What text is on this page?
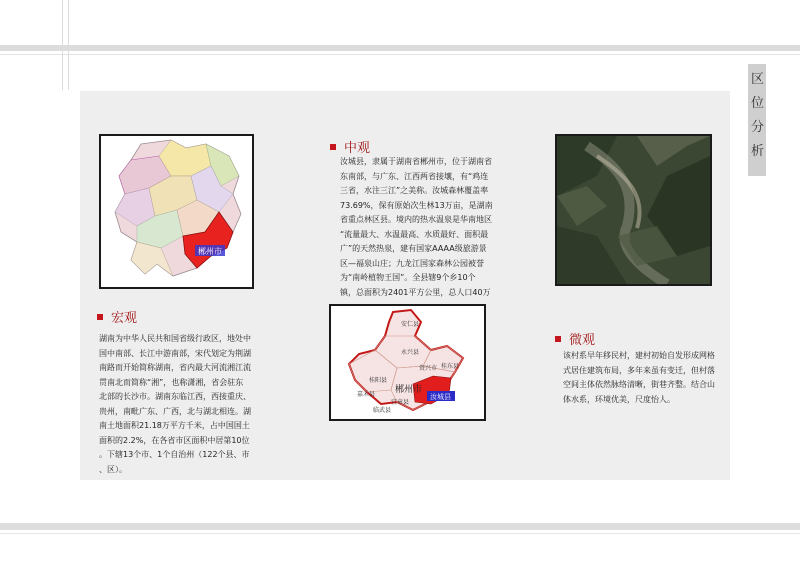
区位分析
郴州市
宏观

湖南为中华人民共和国省级行政区，地处中
国中南部、长江中游南部，宋代划定为荆湖
南路而开始简称湖南，省内最大河流湘江流
贯南北而简称“湘”，也称潇湘，省会驻东
北部的长沙市。湖南东临江西，西接重庆、
贵州，南毗广东、广西，北与湖北相连。湖
南土地面积21.18万平方千米，占中国国土
面积的2.2%，在各省市区面积中居第10位
。下辖13个市、1个自治州（122个县、市
、区）。

中观

汝城县，隶属于湖南省郴州市，位于湖南省
东南部，与广东、江西两省接壤，有“鸡连
三省，水注三江”之美称。汝城森林覆盖率
73.69%，保有原始次生林13万亩，是湖南
省重点林区县。境内的热水温泉是华南地区
“流量最大、水温最高、水质最好、面积最
广”的天然热泉，建有国家AAAA级旅游景
区—福泉山庄；九龙江国家森林公园被誉
为“南岭植物王国”。全县辖9个乡10个
镇，总面积为2401平方公里，总人口40万

安仁县
永兴县
资兴市 桂东县
桂阳县
嘉禾县
宜章县
临武县
郴州市
汝城县
微观

该村系早年移民村，建村初始自发形成网格
式居住建筑布局，多年来虽有变迁，但村落
空间主体依然脉络清晰，街巷齐整。结合山
体水系，环境优美，尺度怡人。
